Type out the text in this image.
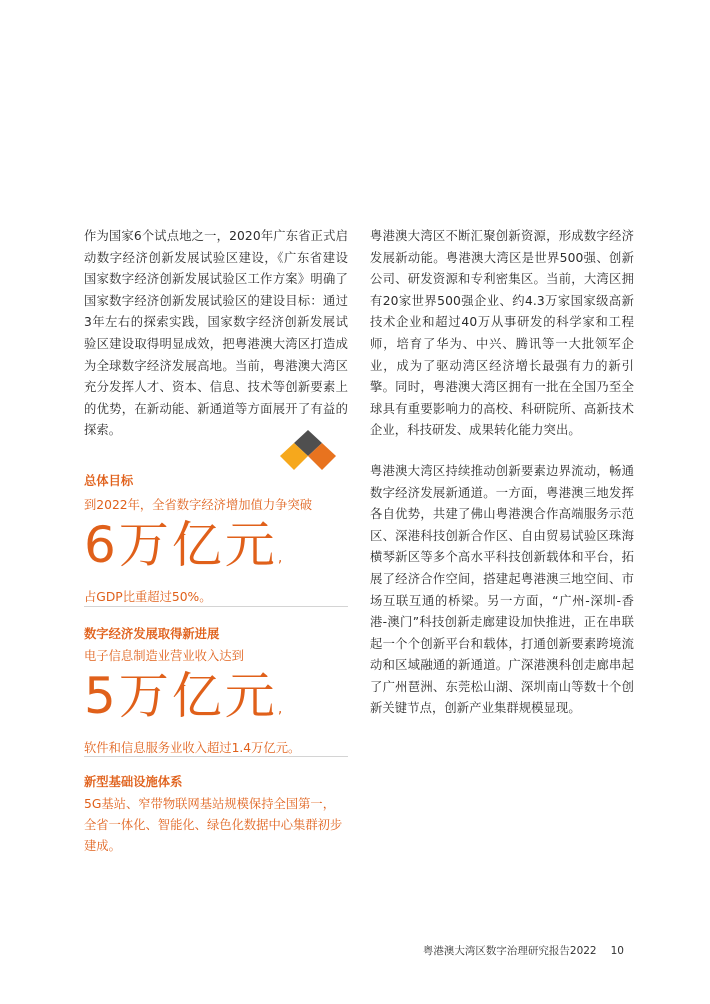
作为国家6个试点地之一，2020年广东省正式启动数字经济创新发展试验区建设，《广东省建设国家数字经济创新发展试验区工作方案》明确了国家数字经济创新发展试验区的建设目标：通过3年左右的探索实践，国家数字经济创新发展试验区建设取得明显成效，把粤港澳大湾区打造成为全球数字经济发展高地。当前，粤港澳大湾区充分发挥人才、资本、信息、技术等创新要素上的优势，在新动能、新通道等方面展开了有益的探索。

总体目标
到2022年，全省数字经济增加值力争突破
6万亿元,
占GDP比重超过50%。
数字经济发展取得新进展
电子信息制造业营业收入达到
5万亿元,
软件和信息服务业收入超过1.4万亿元。
新型基础设施体系
5G基站、窄带物联网基站规模保持全国第一，
全省一体化、智能化、绿色化数据中心集群初步
建成。

粤港澳大湾区不断汇聚创新资源，形成数字经济发展新动能。粤港澳大湾区是世界500强、创新公司、研发资源和专利密集区。当前，大湾区拥有20家世界500强企业、约4.3万家国家级高新技术企业和超过40万从事研发的科学家和工程师，培育了华为、中兴、腾讯等一大批领军企业，成为了驱动湾区经济增长最强有力的新引擎。同时，粤港澳大湾区拥有一批在全国乃至全球具有重要影响力的高校、科研院所、高新技术企业，科技研发、成果转化能力突出。

粤港澳大湾区持续推动创新要素边界流动，畅通数字经济发展新通道。一方面，粤港澳三地发挥各自优势，共建了佛山粤港澳合作高端服务示范区、深港科技创新合作区、自由贸易试验区珠海横琴新区等多个高水平科技创新载体和平台，拓展了经济合作空间，搭建起粤港澳三地空间、市场互联互通的桥梁。另一方面，“广州-深圳-香港-澳门”科技创新走廊建设加快推进，正在串联起一个个创新平台和载体，打通创新要素跨境流动和区域融通的新通道。广深港澳科创走廊串起了广州琶洲、东莞松山湖、深圳南山等数十个创新关键节点，创新产业集群规模显现。

粤港澳大湾区数字治理研究报告2022 10
